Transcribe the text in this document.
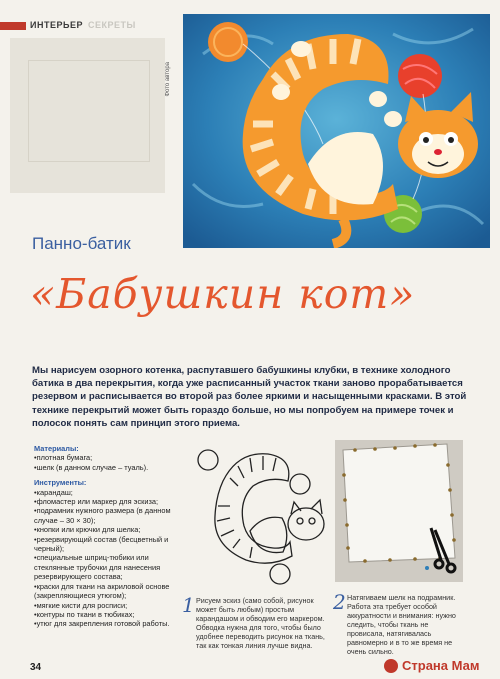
ИНТЕРЬЕР СЕКРЕТЫ
Фото автора
Панно-батик
«Бабушкин кот»
Мы нарисуем озорного котенка, распутавшего бабушкины клубки, в технике холодного батика в два перекрытия, когда уже расписанный участок ткани заново прорабатывается резервом и расписывается во второй раз более яркими и насыщенными красками. В этой технике перекрытий может быть гораздо больше, но мы попробуем на примере точек и полосок понять сам принцип этого приема.
Материалы:
• плотная бумага;
• шелк (в данном случае – туаль).
Инструменты:
• карандаш;
• фломастер или маркер для эскиза;
• подрамник нужного размера (в данном случае – 30 × 30);
• кнопки или крючки для шелка;
• резервирующий состав (бесцветный и черный);
• специальные шприц-тюбики или стеклянные трубочки для нанесения резервирующего состава;
• краски для ткани на акриловой основе (закрепляющиеся утюгом);
• мягкие кисти для росписи;
• контуры по ткани в тюбиках;
• утюг для закрепления готовой работы.
1 Рисуем эскиз (само собой, рисунок может быть любым) простым карандашом и обводим его маркером. Обводка нужна для того, чтобы было удобнее переводить рисунок на ткань, так как тонкая линия лучше видна.
2 Натягиваем шелк на подрамник. Работа эта требует особой аккуратности и внимания: нужно следить, чтобы ткань не провисала, натягивалась равномерно и в то же время не очень сильно.
34	Страна Мам
